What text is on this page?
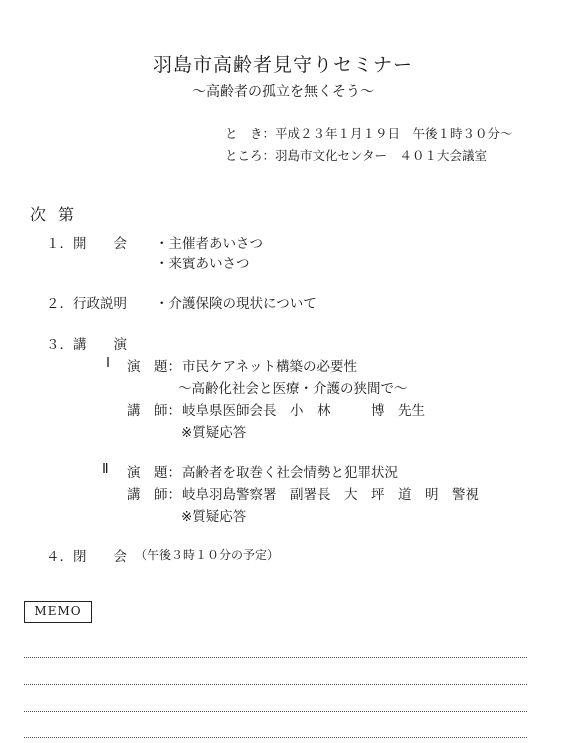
羽島市高齢者見守りセミナー
～高齢者の孤立を無くそう～
と　き：平成２３年１月１９日　午後１時３０分～
ところ：羽島市文化センター　４０１大会議室
次第
１．開　　会 ・主催者あいさつ
・来賓あいさつ
２．行政説明 ・介護保険の現状について
３．講　　演
Ⅰ 演　題： 市民ケアネット構築の必要性
～高齢化社会と医療・介護の狭間で～
講　師： 岐阜県医師会長　小　林　　　博　先生
※質疑応答
Ⅱ 演　題： 高齢者を取巻く社会情勢と犯罪状況
講　師： 岐阜羽島警察署　副署長　大　坪　道　明　警視
※質疑応答
４．閉　　会 （午後３時１０分の予定）
MEMO
